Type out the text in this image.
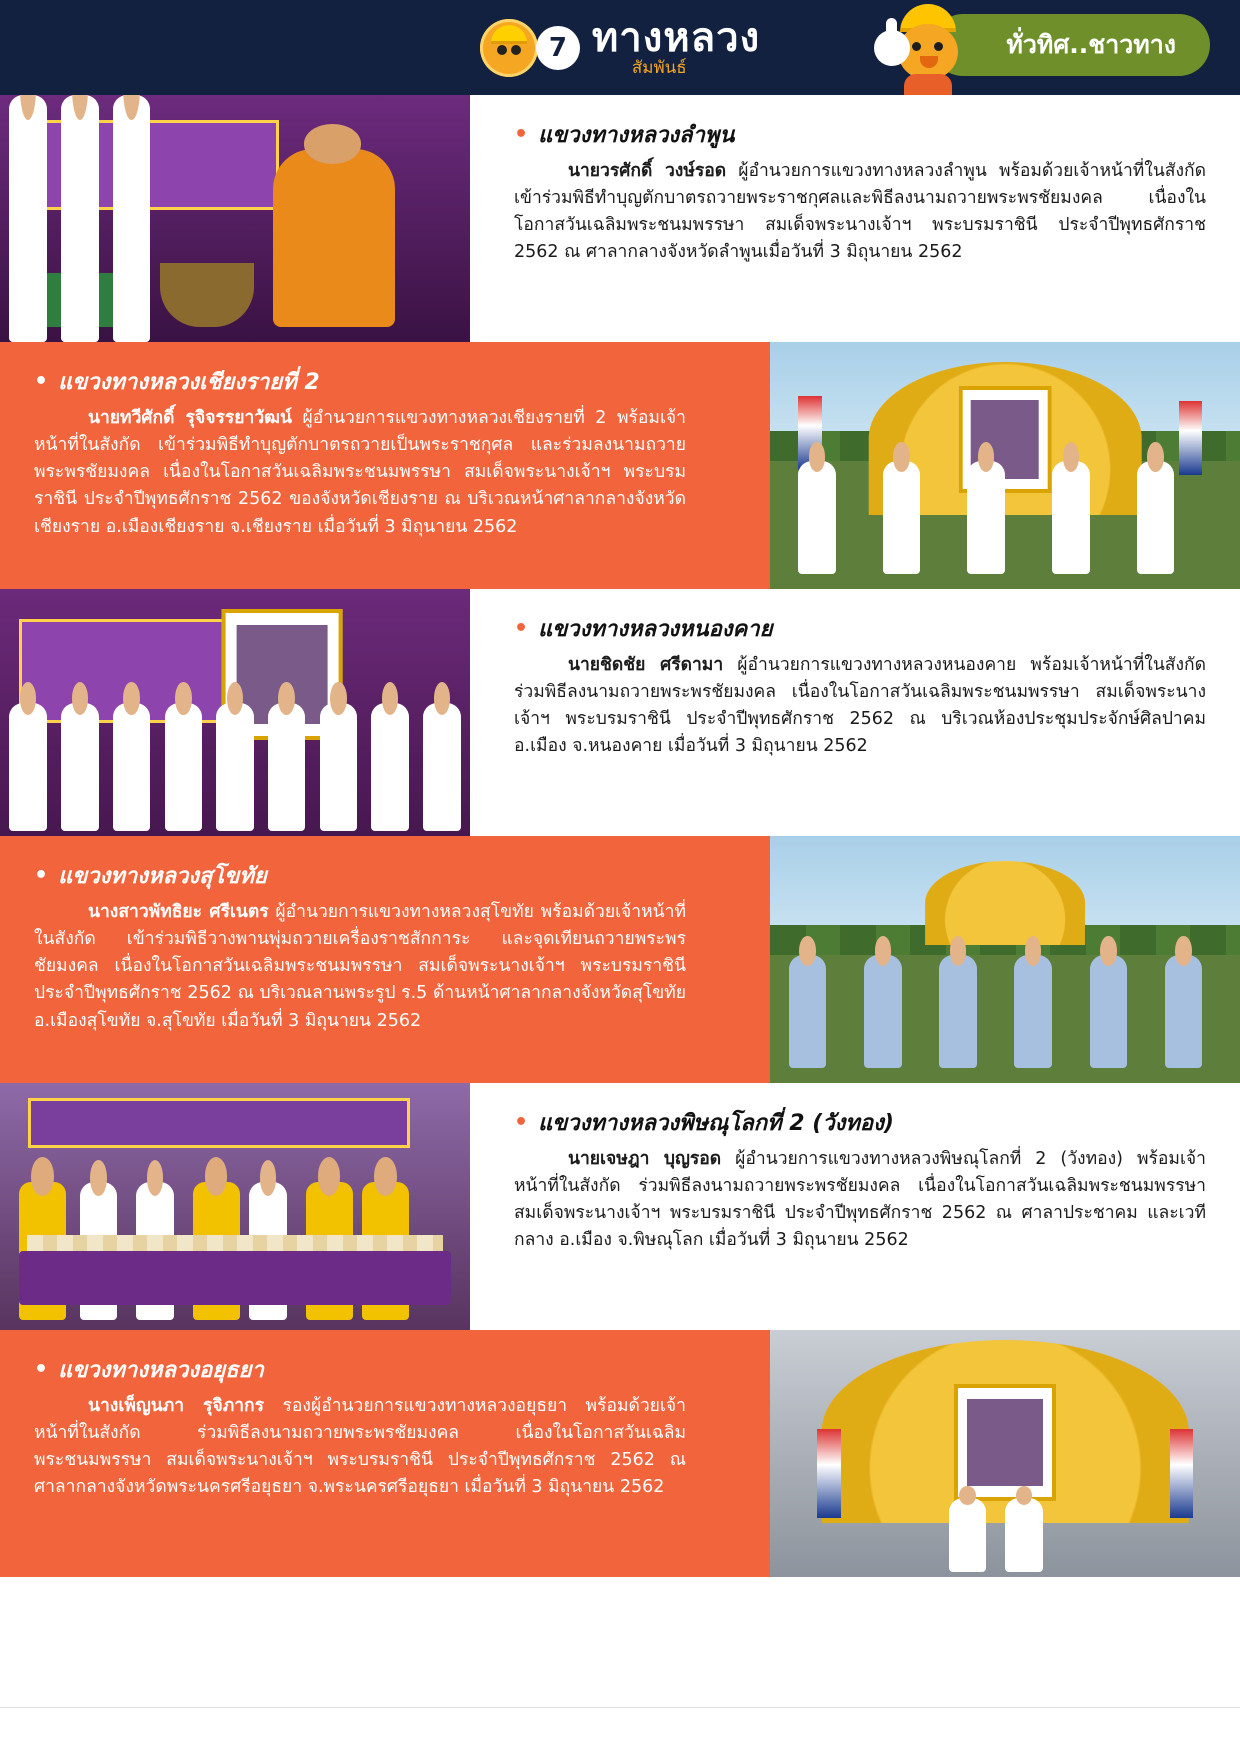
7 ทางหลวง
สัมพันธ์
ทั่วทิศ..ชาวทาง
• แขวงทางหลวงลำพูน

นายวรศักดิ์ วงษ์รอด ผู้อำนวยการแขวงทางหลวงลำพูน พร้อมด้วยเจ้าหน้าที่ในสังกัด เข้าร่วมพิธีทำบุญตักบาตรถวายพระราชกุศลและพิธีลงนามถวายพระพรชัยมงคล เนื่องในโอกาสวันเฉลิมพระชนมพรรษา สมเด็จพระนางเจ้าฯ พระบรมราชินี ประจำปีพุทธศักราช 2562 ณ ศาลากลางจังหวัดลำพูนเมื่อวันที่ 3 มิถุนายน 2562

• แขวงทางหลวงเชียงรายที่ 2

นายทวีศักดิ์ รุจิจรรยาวัฒน์ ผู้อำนวยการแขวงทางหลวงเชียงรายที่ 2 พร้อมเจ้าหน้าที่ในสังกัด เข้าร่วมพิธีทำบุญตักบาตรถวายเป็นพระราชกุศล และร่วมลงนามถวายพระพรชัยมงคล เนื่องในโอกาสวันเฉลิมพระชนมพรรษา สมเด็จพระนางเจ้าฯ พระบรมราชินี ประจำปีพุทธศักราช 2562 ของจังหวัดเชียงราย ณ บริเวณหน้าศาลากลางจังหวัดเชียงราย อ.เมืองเชียงราย จ.เชียงราย เมื่อวันที่ 3 มิถุนายน 2562

• แขวงทางหลวงหนองคาย

นายชิดชัย ศรีดามา ผู้อำนวยการแขวงทางหลวงหนองคาย พร้อมเจ้าหน้าที่ในสังกัด ร่วมพิธีลงนามถวายพระพรชัยมงคล เนื่องในโอกาสวันเฉลิมพระชนมพรรษา สมเด็จพระนางเจ้าฯ พระบรมราชินี ประจำปีพุทธศักราช 2562 ณ บริเวณห้องประชุมประจักษ์ศิลปาคม อ.เมือง จ.หนองคาย เมื่อวันที่ 3 มิถุนายน 2562

• แขวงทางหลวงสุโขทัย

นางสาวพัทธิยะ ศรีเนตร ผู้อำนวยการแขวงทางหลวงสุโขทัย พร้อมด้วยเจ้าหน้าที่ในสังกัด เข้าร่วมพิธีวางพานพุ่มถวายเครื่องราชสักการะ และจุดเทียนถวายพระพรชัยมงคล เนื่องในโอกาสวันเฉลิมพระชนมพรรษา สมเด็จพระนางเจ้าฯ พระบรมราชินี ประจำปีพุทธศักราช 2562 ณ บริเวณลานพระรูป ร.5 ด้านหน้าศาลากลางจังหวัดสุโขทัย อ.เมืองสุโขทัย จ.สุโขทัย เมื่อวันที่ 3 มิถุนายน 2562

• แขวงทางหลวงพิษณุโลกที่ 2 (วังทอง)

นายเจษฎา บุญรอด ผู้อำนวยการแขวงทางหลวงพิษณุโลกที่ 2 (วังทอง) พร้อมเจ้าหน้าที่ในสังกัด ร่วมพิธีลงนามถวายพระพรชัยมงคล เนื่องในโอกาสวันเฉลิมพระชนมพรรษา สมเด็จพระนางเจ้าฯ พระบรมราชินี ประจำปีพุทธศักราช 2562 ณ ศาลาประชาคม และเวทีกลาง อ.เมือง จ.พิษณุโลก เมื่อวันที่ 3 มิถุนายน 2562

• แขวงทางหลวงอยุธยา

นางเพ็ญนภา รุจิภากร รองผู้อำนวยการแขวงทางหลวงอยุธยา พร้อมด้วยเจ้าหน้าที่ในสังกัด ร่วมพิธีลงนามถวายพระพรชัยมงคล เนื่องในโอกาสวันเฉลิมพระชนมพรรษา สมเด็จพระนางเจ้าฯ พระบรมราชินี ประจำปีพุทธศักราช 2562 ณ ศาลากลางจังหวัดพระนครศรีอยุธยา จ.พระนครศรีอยุธยา เมื่อวันที่ 3 มิถุนายน 2562
